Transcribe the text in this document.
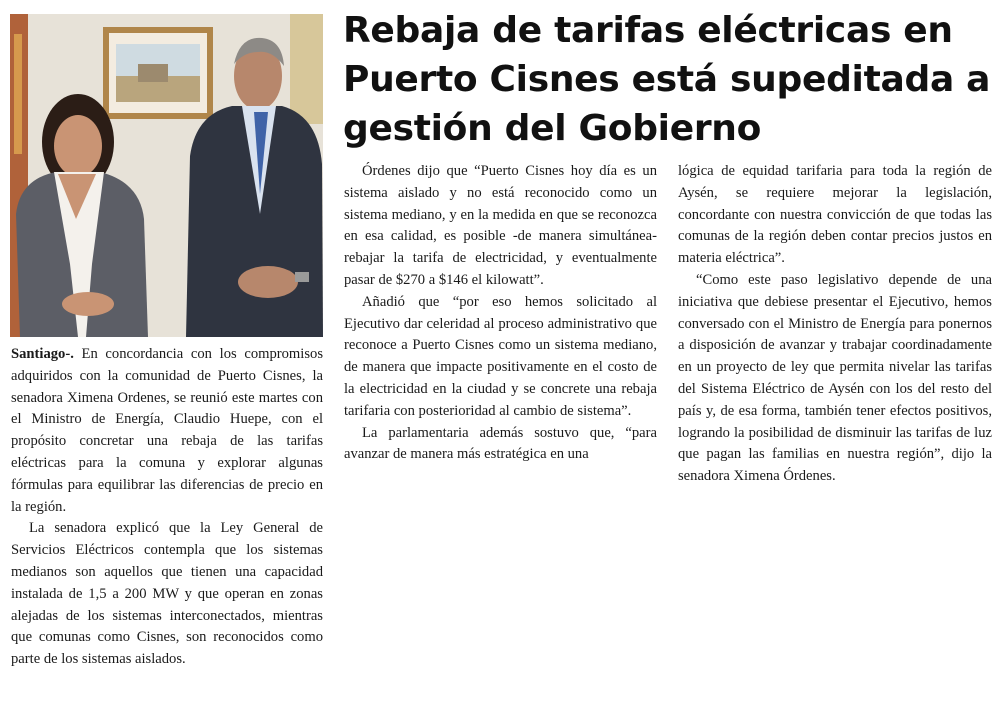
Rebaja de tarifas eléctricas en Puerto Cisnes está supeditada a gestión del Gobierno

Santiago-. En concordancia con los compromisos adquiridos con la comunidad de Puerto Cisnes, la senadora Ximena Ordenes, se reunió este martes con el Ministro de Energía, Claudio Huepe, con el propósito concretar una rebaja de las tarifas eléctricas para la comuna y explorar algunas fórmulas para equilibrar las diferencias de precio en la región.

La senadora explicó que la Ley General de Servicios Eléctricos contempla que los sistemas medianos son aquellos que tienen una capacidad instalada de 1,5 a 200 MW y que operan en zonas alejadas de los sistemas interconectados, mientras que comunas como Cisnes, son reconocidos como parte de los sistemas aislados.

Órdenes dijo que “Puerto Cisnes hoy día es un sistema aislado y no está reconocido como un sistema mediano, y en la medida en que se reconozca en esa calidad, es posible -de manera simultánea- rebajar la tarifa de electricidad, y eventualmente pasar de $270 a $146 el kilowatt”.

Añadió que “por eso hemos solicitado al Ejecutivo dar celeridad al proceso administrativo que reconoce a Puerto Cisnes como un sistema mediano, de manera que impacte positivamente en el costo de la electricidad en la ciudad y se concrete una rebaja tarifaria con posterioridad al cambio de sistema”.

La parlamentaria además sostuvo que, “para avanzar de manera más estratégica en una

lógica de equidad tarifaria para toda la región de Aysén, se requiere mejorar la legislación, concordante con nuestra convicción de que todas las comunas de la región deben contar precios justos en materia eléctrica”.

“Como este paso legislativo depende de una iniciativa que debiese presentar el Ejecutivo, hemos conversado con el Ministro de Energía para ponernos a disposición de avanzar y trabajar coordinadamente en un proyecto de ley que permita nivelar las tarifas del Sistema Eléctrico de Aysén con los del resto del país y, de esa forma, también tener efectos positivos, logrando la posibilidad de disminuir las tarifas de luz que pagan las familias en nuestra región”, dijo la senadora Ximena Órdenes.
